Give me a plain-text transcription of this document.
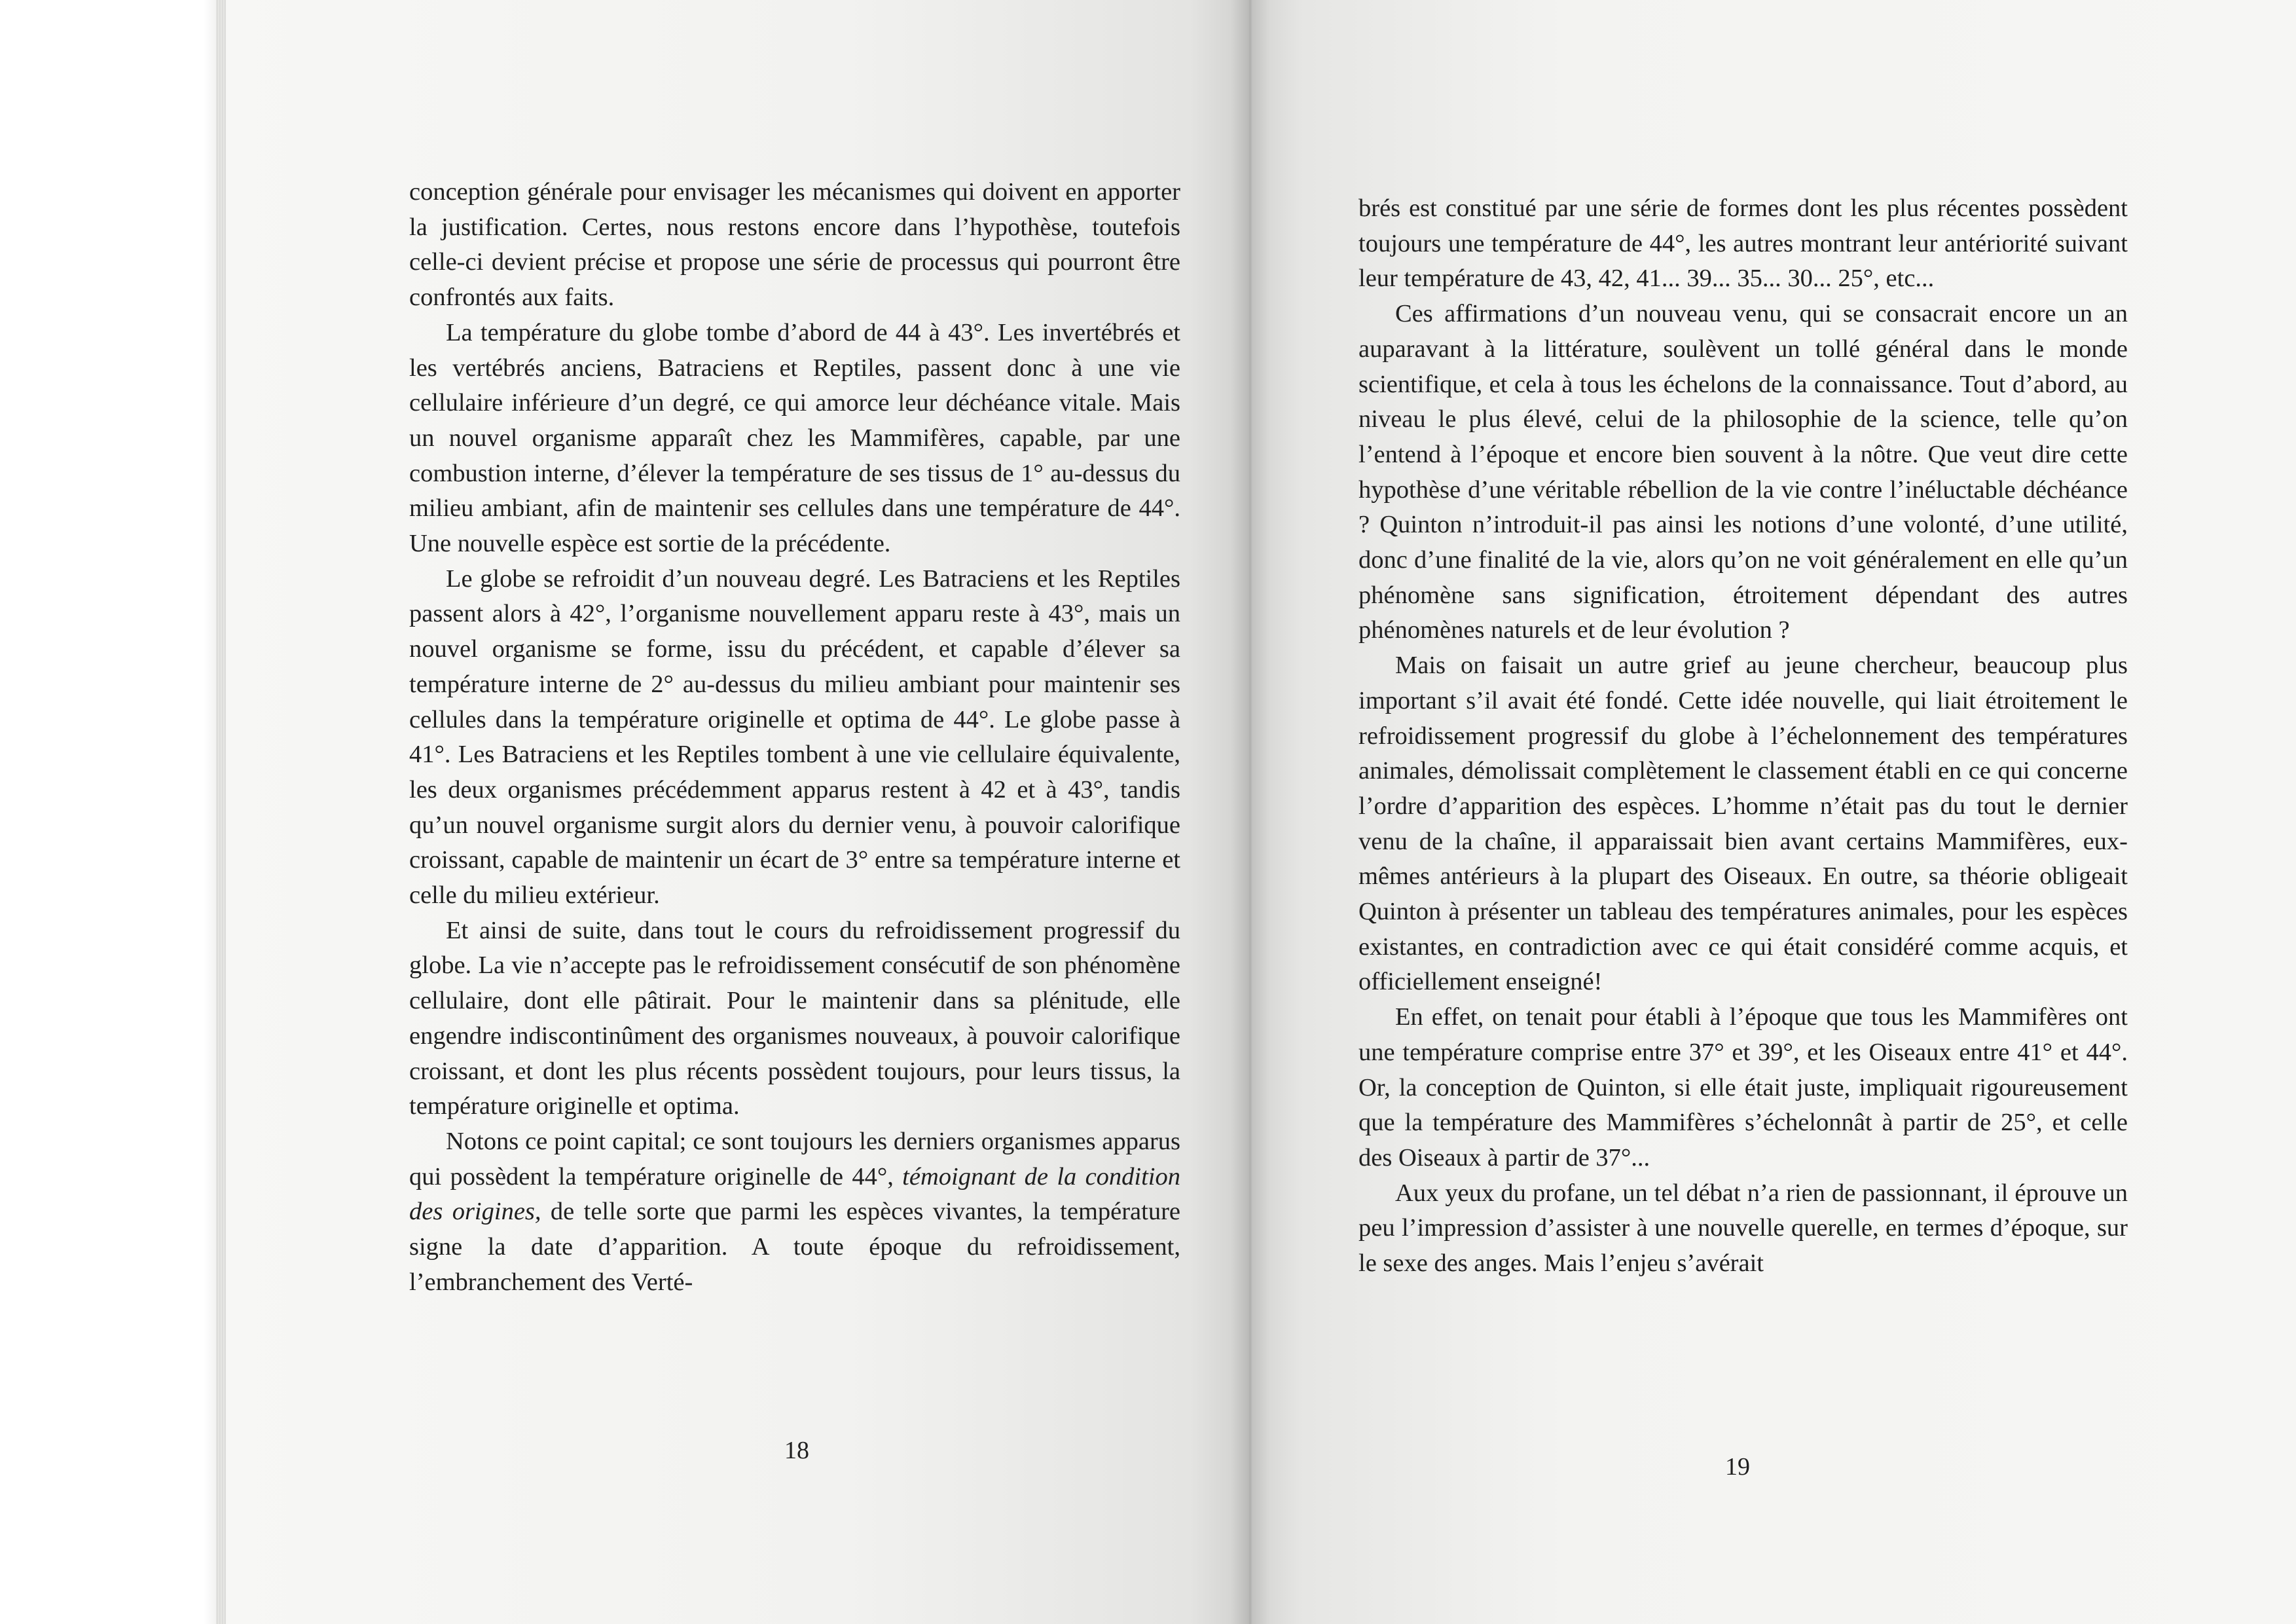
conception générale pour envisager les mécanismes qui doivent en apporter la justification. Certes, nous restons encore dans l’hypothèse, toutefois celle-ci devient précise et propose une série de processus qui pourront être confrontés aux faits.

La température du globe tombe d’abord de 44 à 43°. Les invertébrés et les vertébrés anciens, Batraciens et Reptiles, passent donc à une vie cellulaire inférieure d’un degré, ce qui amorce leur déchéance vitale. Mais un nouvel organisme apparaît chez les Mammifères, capable, par une combustion interne, d’élever la température de ses tissus de 1° au-dessus du milieu ambiant, afin de maintenir ses cellules dans une température de 44°. Une nouvelle espèce est sortie de la précédente.

Le globe se refroidit d’un nouveau degré. Les Batraciens et les Reptiles passent alors à 42°, l’organisme nouvellement apparu reste à 43°, mais un nouvel organisme se forme, issu du précédent, et capable d’élever sa température interne de 2° au-dessus du milieu ambiant pour maintenir ses cellules dans la température originelle et optima de 44°. Le globe passe à 41°. Les Batraciens et les Reptiles tombent à une vie cellulaire équivalente, les deux organismes précédemment apparus restent à 42 et à 43°, tandis qu’un nouvel organisme surgit alors du dernier venu, à pouvoir calorifique croissant, capable de maintenir un écart de 3° entre sa température interne et celle du milieu extérieur.

Et ainsi de suite, dans tout le cours du refroidissement progressif du globe. La vie n’accepte pas le refroidissement consécutif de son phénomène cellulaire, dont elle pâtirait. Pour le maintenir dans sa plénitude, elle engendre indiscontinûment des organismes nouveaux, à pouvoir calorifique croissant, et dont les plus récents possèdent toujours, pour leurs tissus, la température originelle et optima.

Notons ce point capital; ce sont toujours les derniers organismes apparus qui possèdent la température originelle de 44°, témoignant de la condition des origines, de telle sorte que parmi les espèces vivantes, la température signe la date d’apparition. A toute époque du refroidissement, l’embranchement des Verté-

18

brés est constitué par une série de formes dont les plus récentes possèdent toujours une température de 44°, les autres montrant leur antériorité suivant leur température de 43, 42, 41... 39... 35... 30... 25°, etc...

Ces affirmations d’un nouveau venu, qui se consacrait encore un an auparavant à la littérature, soulèvent un tollé général dans le monde scientifique, et cela à tous les échelons de la connaissance. Tout d’abord, au niveau le plus élevé, celui de la philosophie de la science, telle qu’on l’entend à l’époque et encore bien souvent à la nôtre. Que veut dire cette hypothèse d’une véritable rébellion de la vie contre l’inéluctable déchéance ? Quinton n’introduit-il pas ainsi les notions d’une volonté, d’une utilité, donc d’une finalité de la vie, alors qu’on ne voit généralement en elle qu’un phénomène sans signification, étroitement dépendant des autres phénomènes naturels et de leur évolution ?

Mais on faisait un autre grief au jeune chercheur, beaucoup plus important s’il avait été fondé. Cette idée nouvelle, qui liait étroitement le refroidissement progressif du globe à l’échelonnement des températures animales, démolissait complètement le classement établi en ce qui concerne l’ordre d’apparition des espèces. L’homme n’était pas du tout le dernier venu de la chaîne, il apparaissait bien avant certains Mammifères, eux-mêmes antérieurs à la plupart des Oiseaux. En outre, sa théorie obligeait Quinton à présenter un tableau des températures animales, pour les espèces existantes, en contradiction avec ce qui était considéré comme acquis, et officiellement enseigné!

En effet, on tenait pour établi à l’époque que tous les Mammifères ont une température comprise entre 37° et 39°, et les Oiseaux entre 41° et 44°. Or, la conception de Quinton, si elle était juste, impliquait rigoureusement que la température des Mammifères s’échelonnât à partir de 25°, et celle des Oiseaux à partir de 37°...

Aux yeux du profane, un tel débat n’a rien de passionnant, il éprouve un peu l’impression d’assister à une nouvelle querelle, en termes d’époque, sur le sexe des anges. Mais l’enjeu s’avérait

19
